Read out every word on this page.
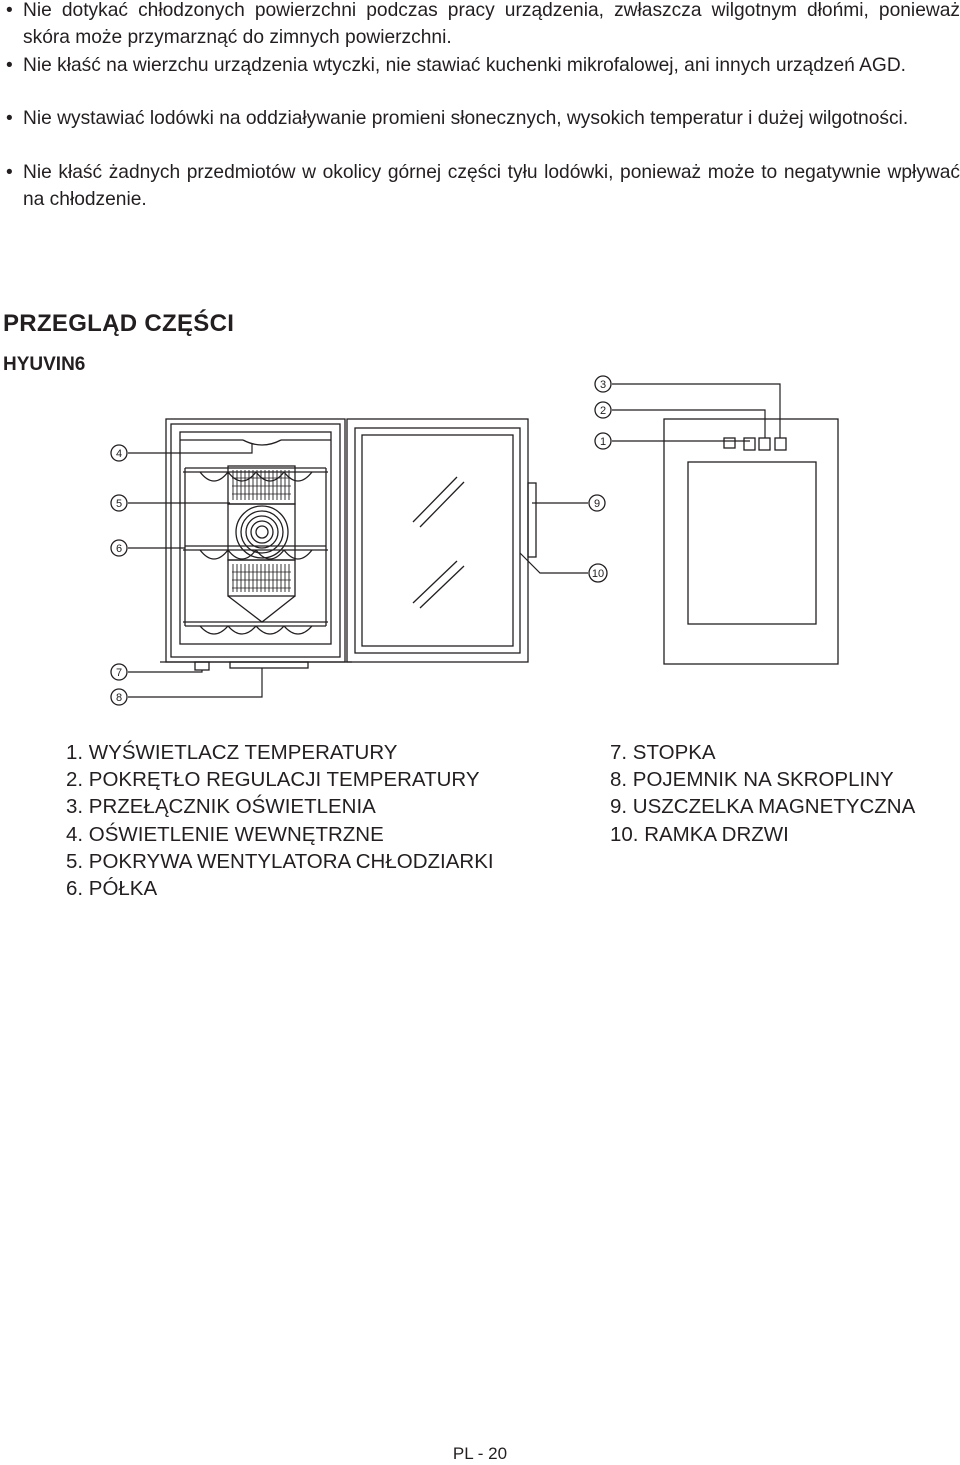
• Nie dotykać chłodzonych powierzchni podczas pracy urządzenia, zwłaszcza wilgotnym dłońmi, ponieważ skóra może przymarznąć do zimnych powierzchni.
• Nie kłaść na wierzchu urządzenia wtyczki, nie stawiać kuchenki mikrofalowej, ani innych urządzeń AGD.
• Nie wystawiać lodówki na oddziaływanie promieni słonecznych, wysokich temperatur i dużej wilgotności.
• Nie kłaść żadnych przedmiotów w okolicy górnej części tyłu lodówki, ponieważ może to negatywnie wpływać na chłodzenie.
PRZEGLĄD CZĘŚCI
HYUVIN6
1
2
3
4
5
6
7
8
9
10
1. WYŚWIETLACZ TEMPERATURY
2. POKRĘTŁO REGULACJI TEMPERATURY
3. PRZEŁĄCZNIK OŚWIETLENIA
4. OŚWIETLENIE WEWNĘTRZNE
5. POKRYWA WENTYLATORA CHŁODZIARKI
6. PÓŁKA
7. STOPKA
8. POJEMNIK NA SKROPLINY
9. USZCZELKA MAGNETYCZNA
10. RAMKA DRZWI
PL - 20
